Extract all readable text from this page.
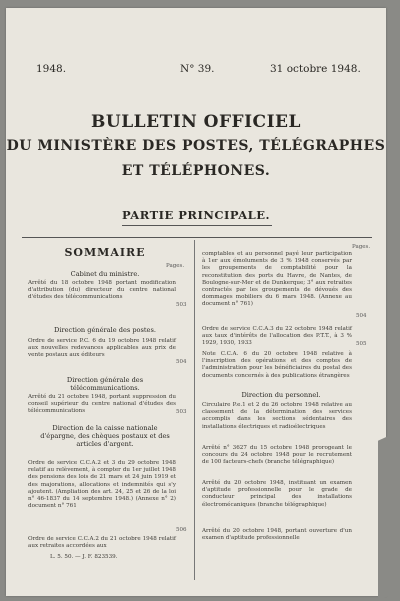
1948.	N° 39.	31 octobre 1948.
BULLETIN OFFICIEL
DU MINISTÈRE DES POSTES, TÉLÉGRAPHES
ET TÉLÉPHONES.
PARTIE PRINCIPALE.
SOMMAIRE
Pages.
Cabinet du ministre.
Arrêté du 18 octobre 1948 portant modification d'attribution (du) directeur du centre national d'études des télécommunications
503
Direction générale des postes.
Ordre de service P.C. 6 du 19 octobre 1948 relatif aux nouvelles redevances applicables aux prix de vente postaux aux éditeurs
504
Direction générale des télécommunications.
Arrêté du 21 octobre 1948, portant suppression du conseil supérieur du centre national d'études des télécommunications	503
Direction de la caisse nationale d'épargne, des chèques postaux et des articles d'argent.
Ordre de service C.C.A.2 et 3 du 29 octobre 1948 relatif au relèvement, à compter du 1er juillet 1948 des pensions des lois de 21 mars et 24 juin 1919 et des majorations, allocations et indemnités qui s'y ajoutent. (Ampliation des art. 24, 25 et 26 de la loi n° 46-1837 du 14 septembre 1948.) (Annexe n° 2) document n° 761
506
Ordre de service C.C.A.2 du 21 octobre 1948 relatif aux retraites accordées aux
L. 5. 50. — J. F. 823539.
Pages.
comptables et au personnel payé leur participation à 1er aux émoluments de 3 % 1948 conservés par les groupements de comptabilité pour la reconstitution des ports du Havre, de Nantes, de Boulogne-sur-Mer et de Dunkerque; 3° aux retraites contractés par les groupements de dévoués des dommages mobiliers du 6 mars 1948. (Annexe au document n° 761)
504
Ordre de service C.C.A.3 du 22 octobre 1948 relatif aux taux d'intérêts de l'allocation des P.T.T., à 3 % 1929, 1930, 1933	505
Note C.C.A. 6 du 20 octobre 1948 relative à l'inscription des opérations et des comptes de l'administration pour les bénéficiaires du postal des documents concernés à des publications étrangères
Direction du personnel.
Circulaire P.e.1 et 2 du 26 octobre 1948 relative au classement de la détermination des services accomplis dans les sections sédentaires des installations électriques et radioélectriques
Arrêté n° 3627 du 15 octobre 1948 prorogeant le concours du 24 octobre 1948 pour le recrutement de 100 facteurs-chefs (branche télégraphique)
Arrêté du 20 octobre 1948, instituant un examen d'aptitude professionnelle pour le grade de conducteur principal des installations électromécaniques (branche télégraphique)
Arrêté du 20 octobre 1948, portant ouverture d'un examen d'aptitude professionnelle
